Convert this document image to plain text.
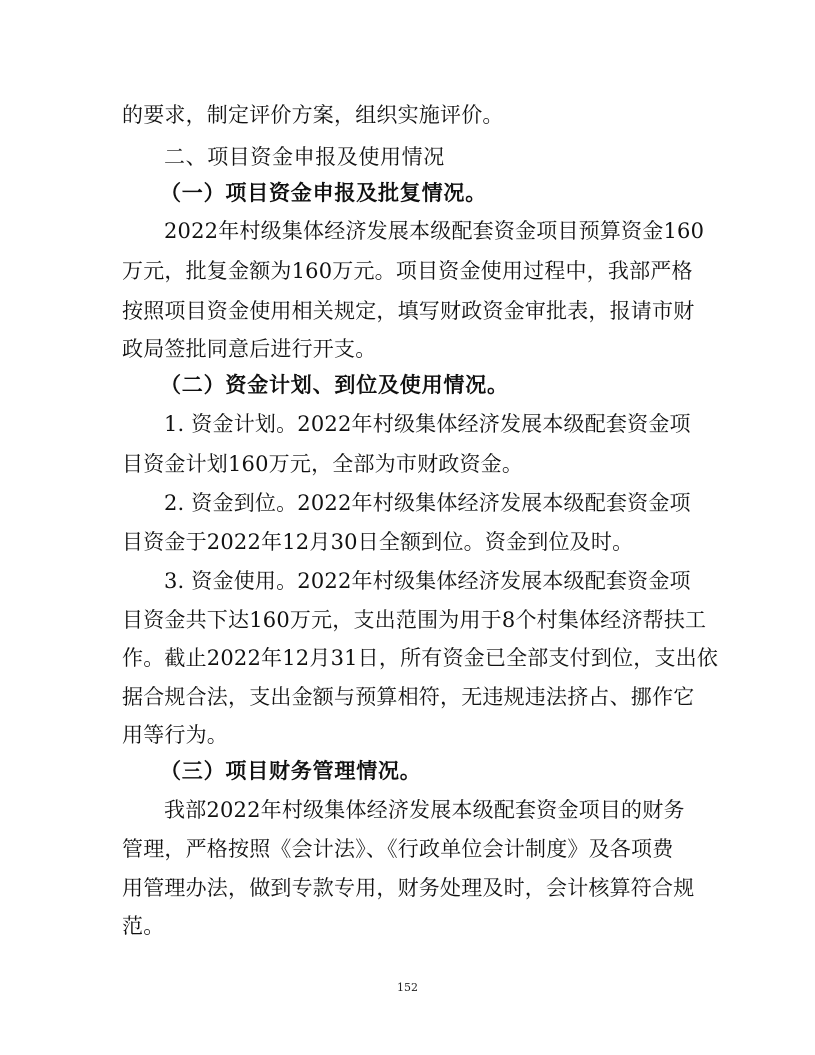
的要求，制定评价方案，组织实施评价。
二、项目资金申报及使用情况
（一）项目资金申报及批复情况。
2022年村级集体经济发展本级配套资金项目预算资金160
万元，批复金额为160万元。项目资金使用过程中，我部严格
按照项目资金使用相关规定，填写财政资金审批表，报请市财
政局签批同意后进行开支。
（二）资金计划、到位及使用情况。
1. 资金计划。2022年村级集体经济发展本级配套资金项
目资金计划160万元，全部为市财政资金。
2. 资金到位。2022年村级集体经济发展本级配套资金项
目资金于2022年12月30日全额到位。资金到位及时。
3. 资金使用。2022年村级集体经济发展本级配套资金项
目资金共下达160万元，支出范围为用于8个村集体经济帮扶工
作。截止2022年12月31日，所有资金已全部支付到位，支出依
据合规合法，支出金额与预算相符，无违规违法挤占、挪作它
用等行为。
（三）项目财务管理情况。
我部2022年村级集体经济发展本级配套资金项目的财务
管理，严格按照《会计法》、《行政单位会计制度》及各项费
用管理办法，做到专款专用，财务处理及时，会计核算符合规
范。
152
